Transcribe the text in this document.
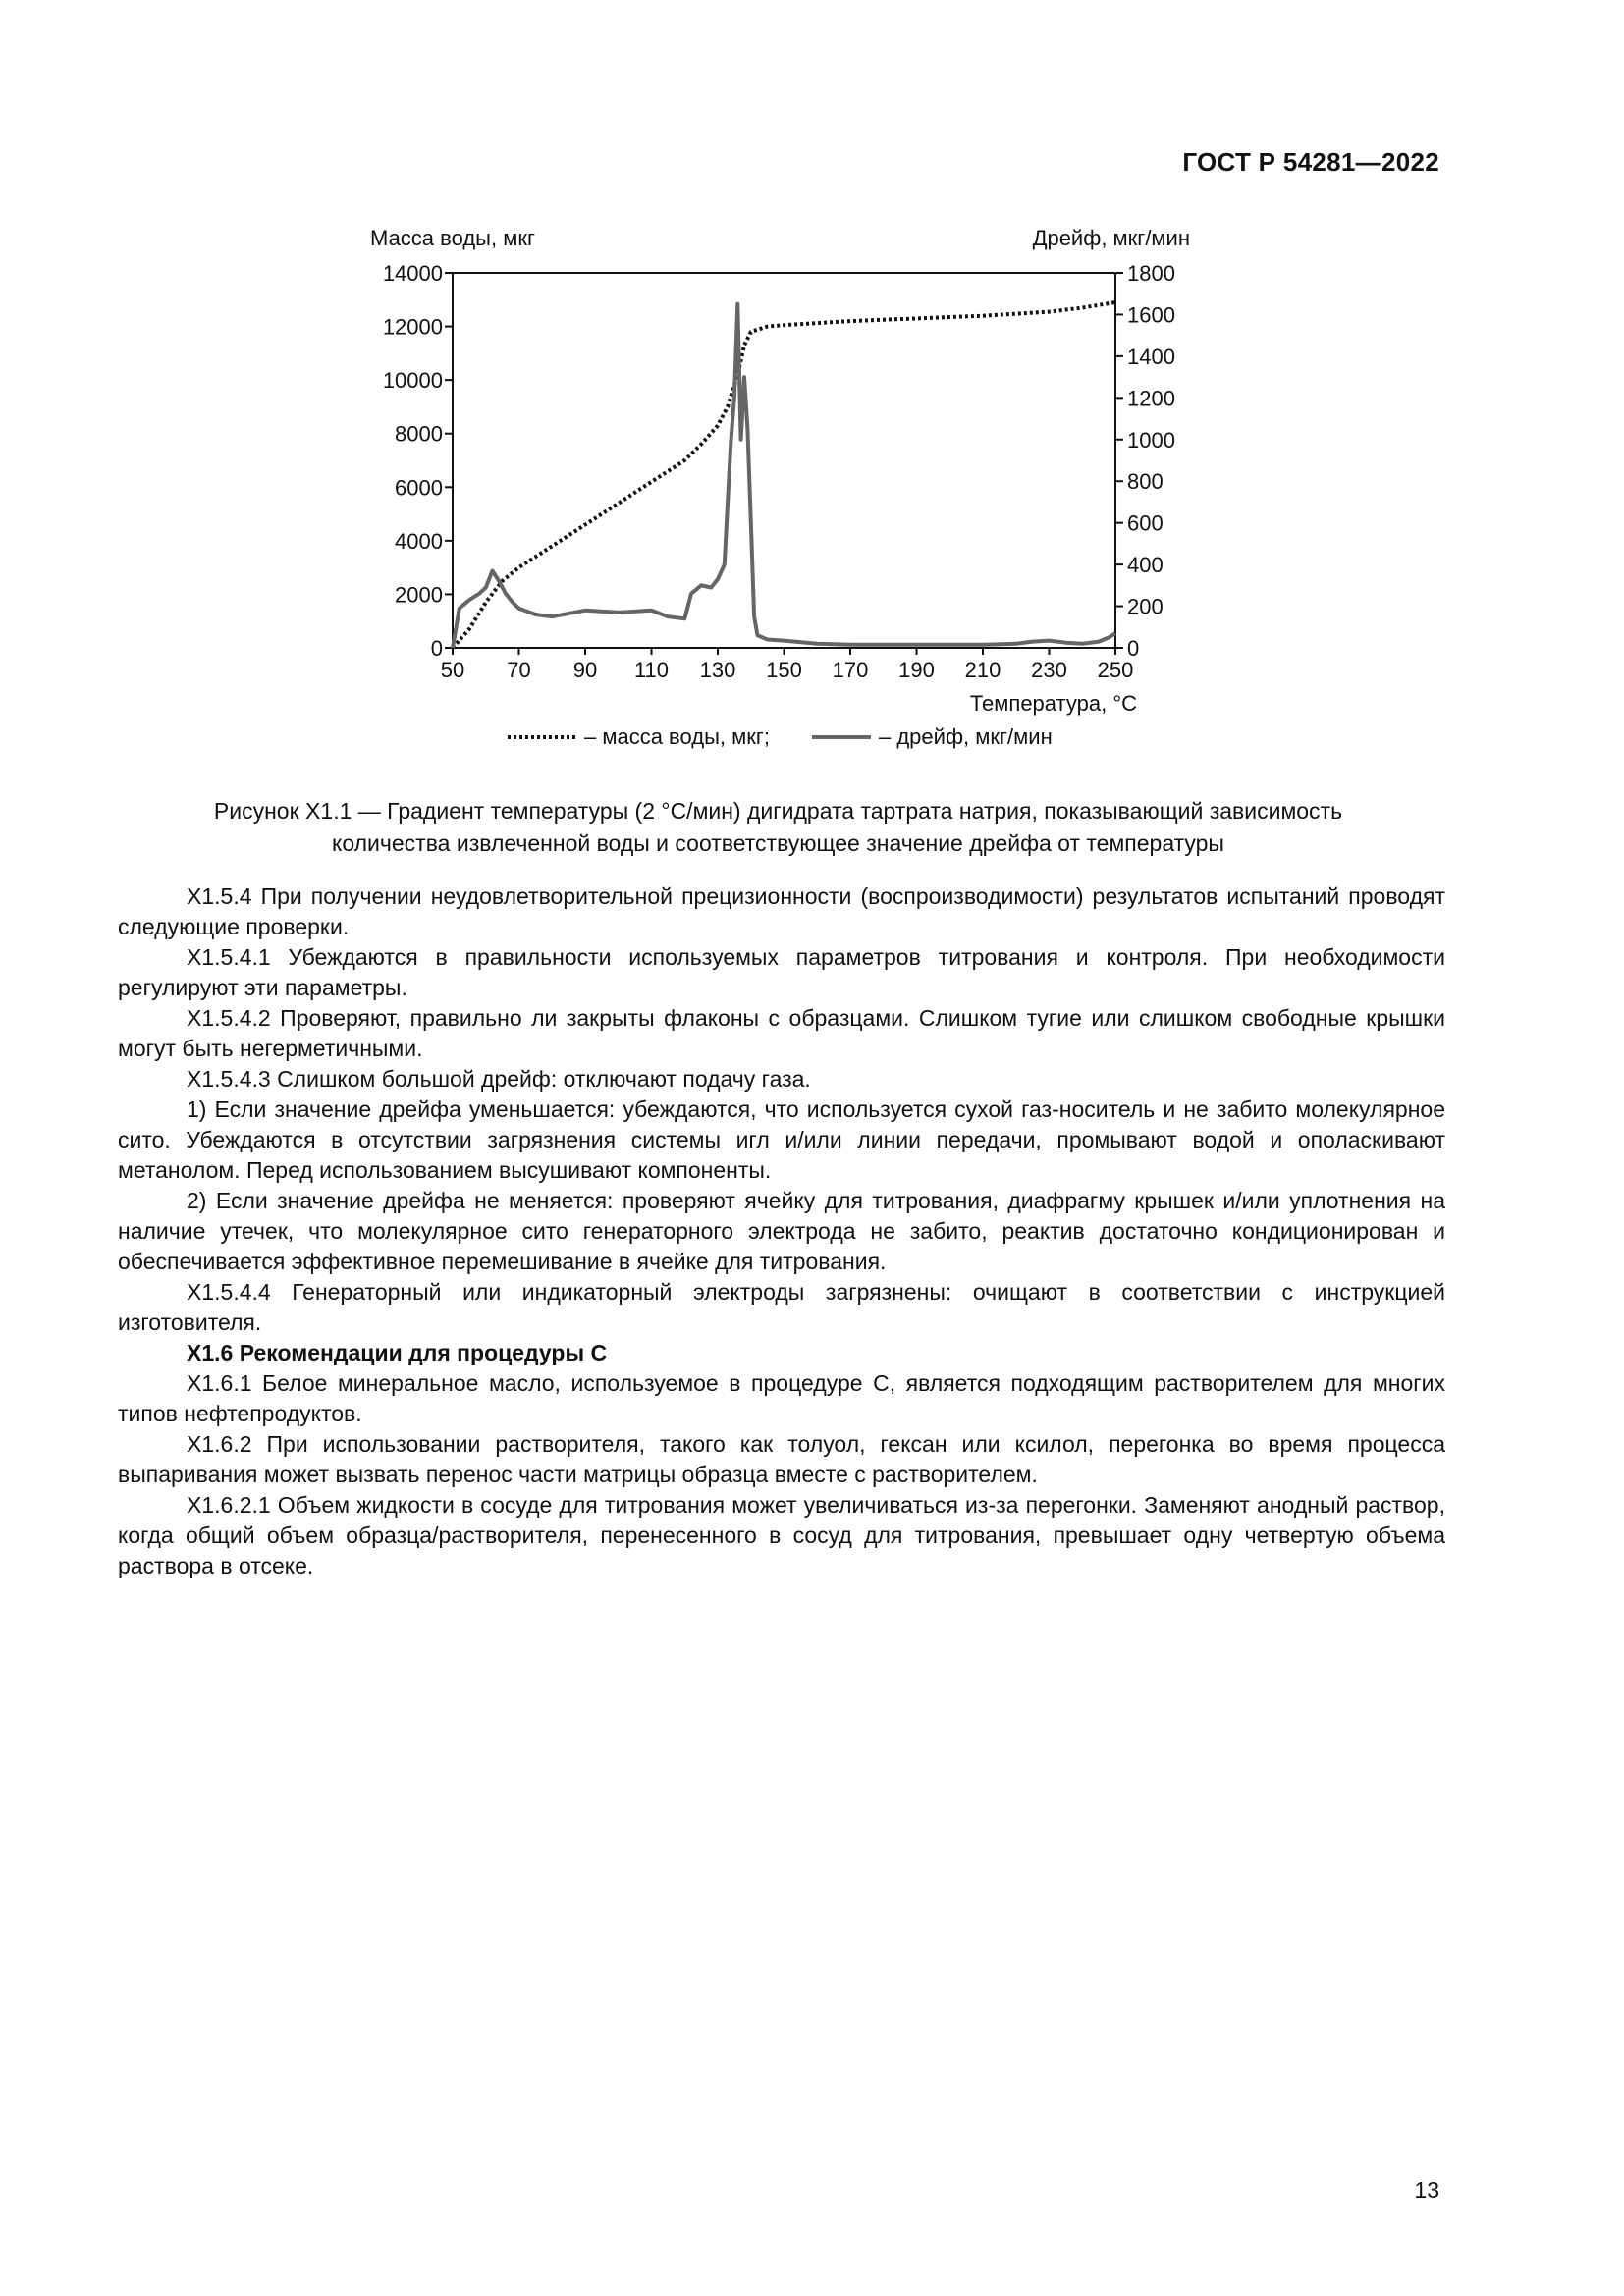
ГОСТ Р 54281—2022
Масса воды, мкг	Дрейф, мкг/мин
Температура, °С
50 70 90 110 130 150 170 190 210 230 250
0
2000
4000
6000
8000
10000
12000
14000
0
200
400
600
800
1000
1200
1400
1600
1800
– масса воды, мкг;	– дрейф, мкг/мин
Рисунок X1.1 — Градиент температуры (2 °С/мин) дигидрата тартрата натрия, показывающий зависимость
количества извлеченной воды и соответствующее значение дрейфа от температуры

X1.5.4 При получении неудовлетворительной прецизионности (воспроизводимости) результатов испытаний проводят следующие проверки.

X1.5.4.1 Убеждаются в правильности используемых параметров титрования и контроля. При необходимости регулируют эти параметры.

X1.5.4.2 Проверяют, правильно ли закрыты флаконы с образцами. Слишком тугие или слишком свободные крышки могут быть негерметичными.

X1.5.4.3 Слишком большой дрейф: отключают подачу газа.

1) Если значение дрейфа уменьшается: убеждаются, что используется сухой газ-носитель и не забито молекулярное сито. Убеждаются в отсутствии загрязнения системы игл и/или линии передачи, промывают водой и ополаскивают метанолом. Перед использованием высушивают компоненты.

2) Если значение дрейфа не меняется: проверяют ячейку для титрования, диафрагму крышек и/или уплотнения на наличие утечек, что молекулярное сито генераторного электрода не забито, реактив достаточно кондиционирован и обеспечивается эффективное перемешивание в ячейке для титрования.

X1.5.4.4 Генераторный или индикаторный электроды загрязнены: очищают в соответствии с инструкцией изготовителя.

X1.6 Рекомендации для процедуры C

X1.6.1 Белое минеральное масло, используемое в процедуре C, является подходящим растворителем для многих типов нефтепродуктов.

X1.6.2 При использовании растворителя, такого как толуол, гексан или ксилол, перегонка во время процесса выпаривания может вызвать перенос части матрицы образца вместе с растворителем.

X1.6.2.1 Объем жидкости в сосуде для титрования может увеличиваться из-за перегонки. Заменяют анодный раствор, когда общий объем образца/растворителя, перенесенного в сосуд для титрования, превышает одну четвертую объема раствора в отсеке.

13
